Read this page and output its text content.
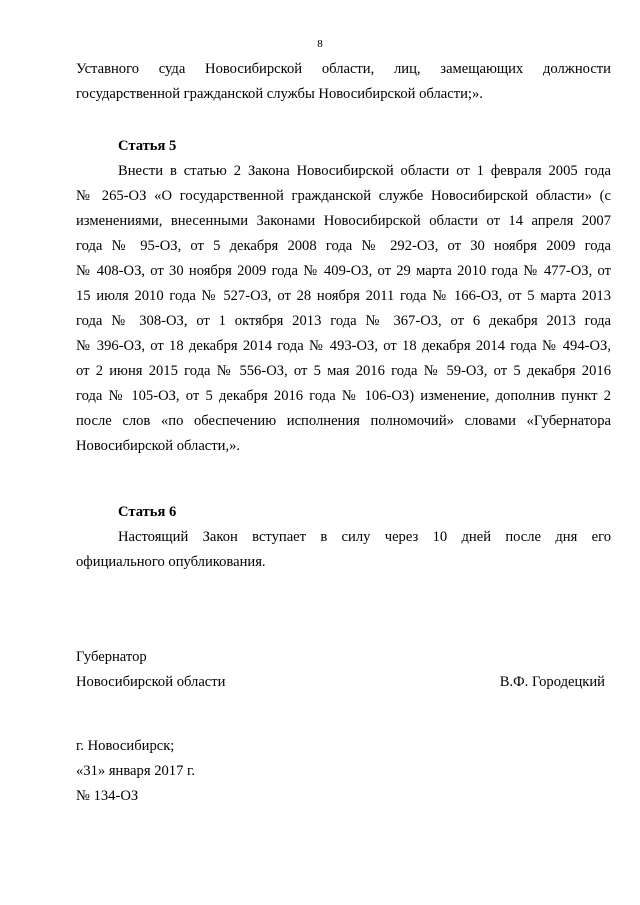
8
Уставного суда Новосибирской области, лиц, замещающих должности
государственной гражданской службы Новосибирской области;».
Статья 5
Внести в статью 2 Закона Новосибирской области от 1 февраля 2005 года
№ 265-ОЗ «О государственной гражданской службе Новосибирской области» (с
изменениями, внесенными Законами Новосибирской области от 14 апреля 2007
года № 95-ОЗ, от 5 декабря 2008 года № 292-ОЗ, от 30 ноября 2009 года
№ 408-ОЗ, от 30 ноября 2009 года № 409-ОЗ, от 29 марта 2010 года № 477-ОЗ, от
15 июля 2010 года № 527-ОЗ, от 28 ноября 2011 года № 166-ОЗ, от 5 марта 2013
года № 308-ОЗ, от 1 октября 2013 года № 367-ОЗ, от 6 декабря 2013 года
№ 396-ОЗ, от 18 декабря 2014 года № 493-ОЗ, от 18 декабря 2014 года № 494-ОЗ,
от 2 июня 2015 года № 556-ОЗ, от 5 мая 2016 года № 59-ОЗ, от 5 декабря 2016
года № 105-ОЗ, от 5 декабря 2016 года № 106-ОЗ) изменение, дополнив пункт 2
после слов «по обеспечению исполнения полномочий» словами «Губернатора
Новосибирской области,».
Статья 6
Настоящий Закон вступает в силу через 10 дней после дня его
официального опубликования.
Губернатор
Новосибирской области	В.Ф. Городецкий
г. Новосибирск;
«31» января 2017 г.
№ 134-ОЗ
